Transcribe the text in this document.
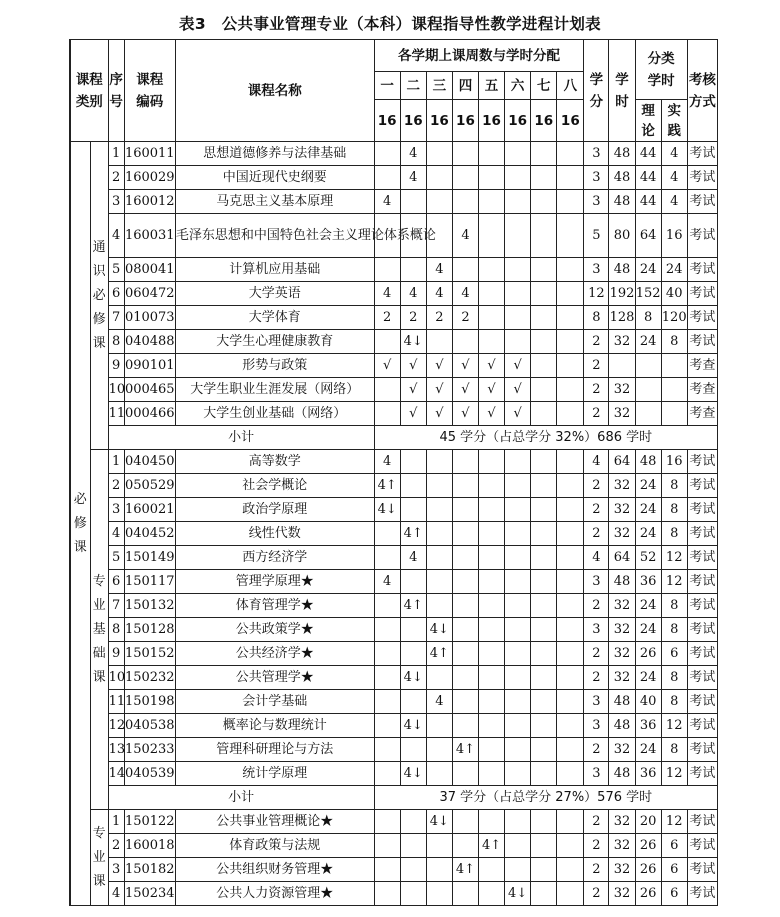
表3　公共事业管理专业（本科）课程指导性教学进程计划表
课程类别		序号	课程编码	课程名称	各学期上课周数与学时分配								学分	学时	分类学时		考核方式

					一	二	三	四	五	六	七	八					
					16	16	16	16	16	16	16	16			理论	实践	

必修课	通识必修课	1	160011	思想道德修养与法律基础		4							3	48	44	4	考试
		2	160029	中国近现代史纲要		4							3	48	44	4	考试
		3	160012	马克思主义基本原理	4								3	48	44	4	考试
		4	160031	毛泽东思想和中国特色社会主义理论体系概论				4					5	80	64	16	考试
		5	080041	计算机应用基础			4						3	48	24	24	考试
		6	060472	大学英语	4	4	4	4					12	192	152	40	考试
		7	010073	大学体育	2	2	2	2					8	128	8	120	考试
		8	040488	大学生心理健康教育		4↓							2	32	24	8	考试
		9	090101	形势与政策	√	√	√	√	√	√			2				考查
		10	000465	大学生职业生涯发展（网络）		√	√	√	√	√			2	32			考查
		11	000466	大学生创业基础（网络）		√	√	√	√	√			2	32			考查
		小计			45 学分（占总学分 32%）686 学时												

	专业基础课	1	040450	高等数学	4								4	64	48	16	考试
		2	050529	社会学概论	4↑								2	32	24	8	考试
		3	160021	政治学原理	4↓								2	32	24	8	考试
		4	040452	线性代数		4↑							2	32	24	8	考试
		5	150149	西方经济学		4							4	64	52	12	考试
		6	150117	管理学原理★	4								3	48	36	12	考试
		7	150132	体育管理学★		4↑							2	32	24	8	考试
		8	150128	公共政策学★			4↓						3	32	24	8	考试
		9	150152	公共经济学★			4↑						2	32	26	6	考试
		10	150232	公共管理学★		4↓							2	32	24	8	考试
		11	150198	会计学基础			4						3	48	40	8	考试
		12	040538	概率论与数理统计		4↓							3	48	36	12	考试
		13	150233	管理科研理论与方法				4↑					2	32	24	8	考试
		14	040539	统计学原理		4↓							3	48	36	12	考试
		小计			37 学分（占总学分 27%）576 学时												

	专业课	1	150122	公共事业管理概论★			4↓						2	32	20	12	考试
		2	160018	体育政策与法规					4↑				2	32	26	6	考试
		3	150182	公共组织财务管理★				4↑					2	32	26	6	考试
		4	150234	公共人力资源管理★						4↓			2	32	26	6	考试
